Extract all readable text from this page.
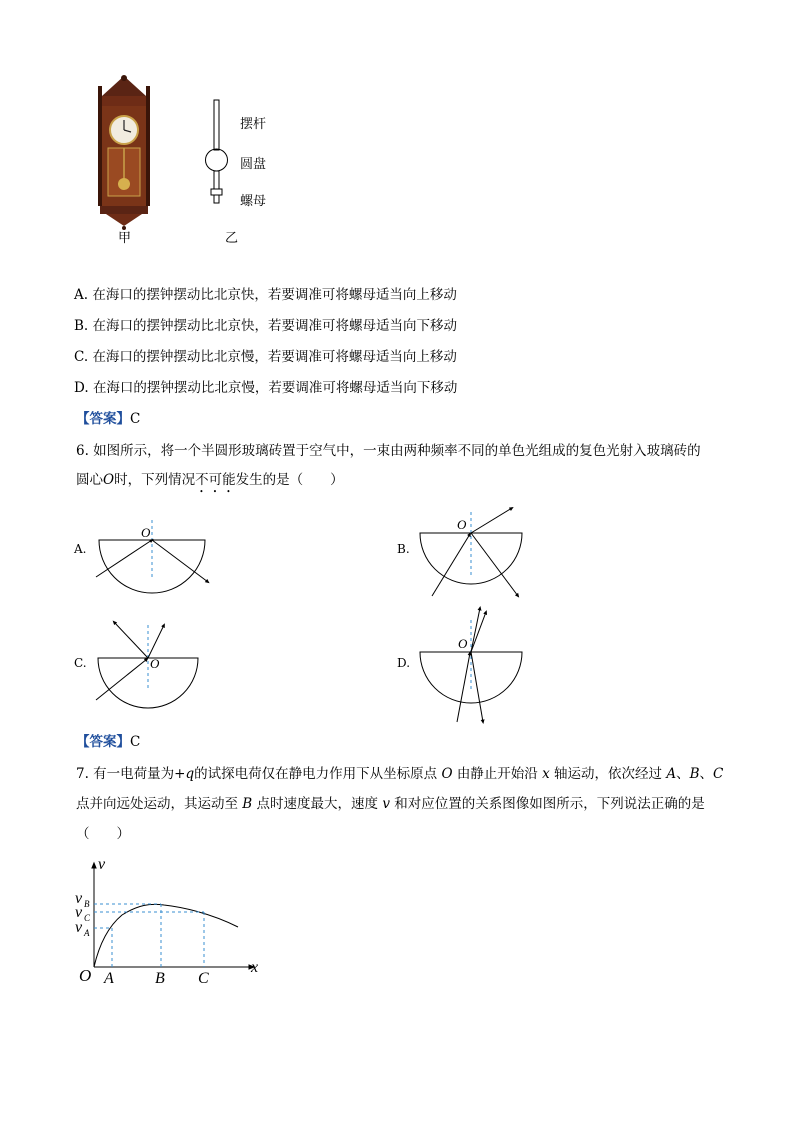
摆杆
圆盘
螺母
甲	乙
A. 在海口的摆钟摆动比北京快，若要调准可将螺母适当向上移动
B. 在海口的摆钟摆动比北京快，若要调准可将螺母适当向下移动
C. 在海口的摆钟摆动比北京慢，若要调准可将螺母适当向上移动
D. 在海口的摆钟摆动比北京慢，若要调准可将螺母适当向下移动
【答案】C
6. 如图所示，将一个半圆形玻璃砖置于空气中，一束由两种频率不同的单色光组成的复色光射入玻璃砖的
圆心O时，下列情况不可能发生的是（　　）
A.	B.
C.	D.
O
O
O
O
【答案】C
7. 有一电荷量为+q的试探电荷仅在静电力作用下从坐标原点 O 由静止开始沿 x 轴运动，依次经过 A、B、C
点并向远处运动，其运动至 B 点时速度最大，速度 v 和对应位置的关系图像如图所示，下列说法正确的是
（　　）
v
x
O A	B C
v B
v C
v A
